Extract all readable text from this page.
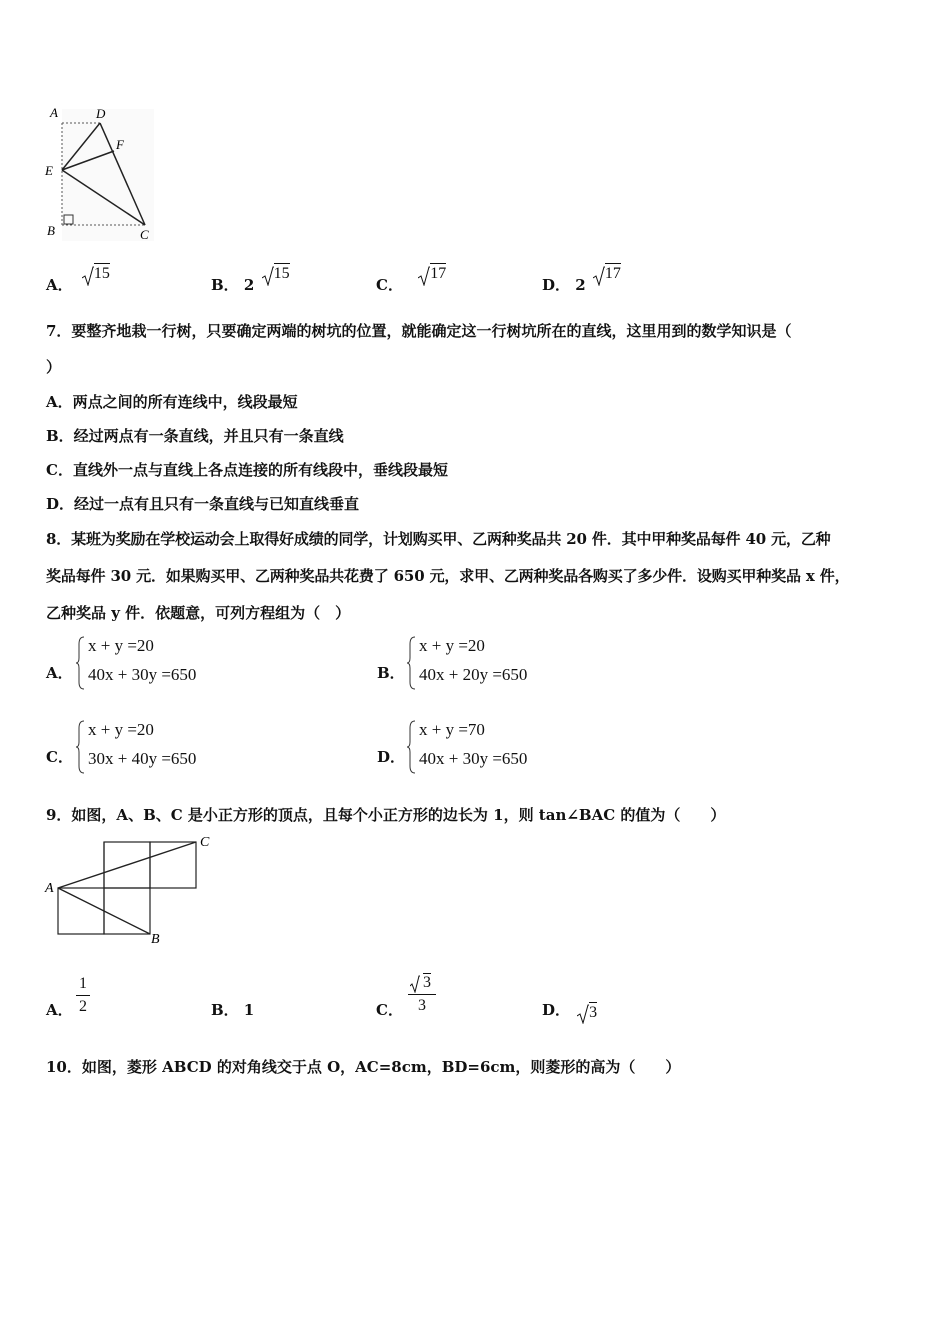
A	D
F
E
B	C
A．
15
B． 2
15
C．
17
D． 2
17
7．要整齐地栽一行树，只要确定两端的树坑的位置，就能确定这一行树坑所在的直线，这里用到的数学知识是（
）
A．两点之间的所有连线中，线段最短
B．经过两点有一条直线，并且只有一条直线
C．直线外一点与直线上各点连接的所有线段中，垂线段最短
D．经过一点有且只有一条直线与已知直线垂直
8．某班为奖励在学校运动会上取得好成绩的同学，计划购买甲、乙两种奖品共 20 件．其中甲种奖品每件 40 元，乙种
奖品每件 30 元．如果购买甲、乙两种奖品共花费了 650 元，求甲、乙两种奖品各购买了多少件．设购买甲种奖品 x 件，
乙种奖品 y 件．依题意，可列方程组为（　）
A．
x + y =20
40x + 30y =650	B．
x + y =20
40x + 20y =650
C．
x + y =20
30x + 40y =650	D．
x + y =70
40x + 30y =650
9．如图，A、B、C 是小正方形的顶点，且每个小正方形的边长为 1，则 tan∠BAC 的值为（　　）
A
C
B
A．
1
2	B． 1	C．
3
3	D． 3
10．如图，菱形 ABCD 的对角线交于点 O，AC=8cm，BD=6cm，则菱形的高为（　　）
